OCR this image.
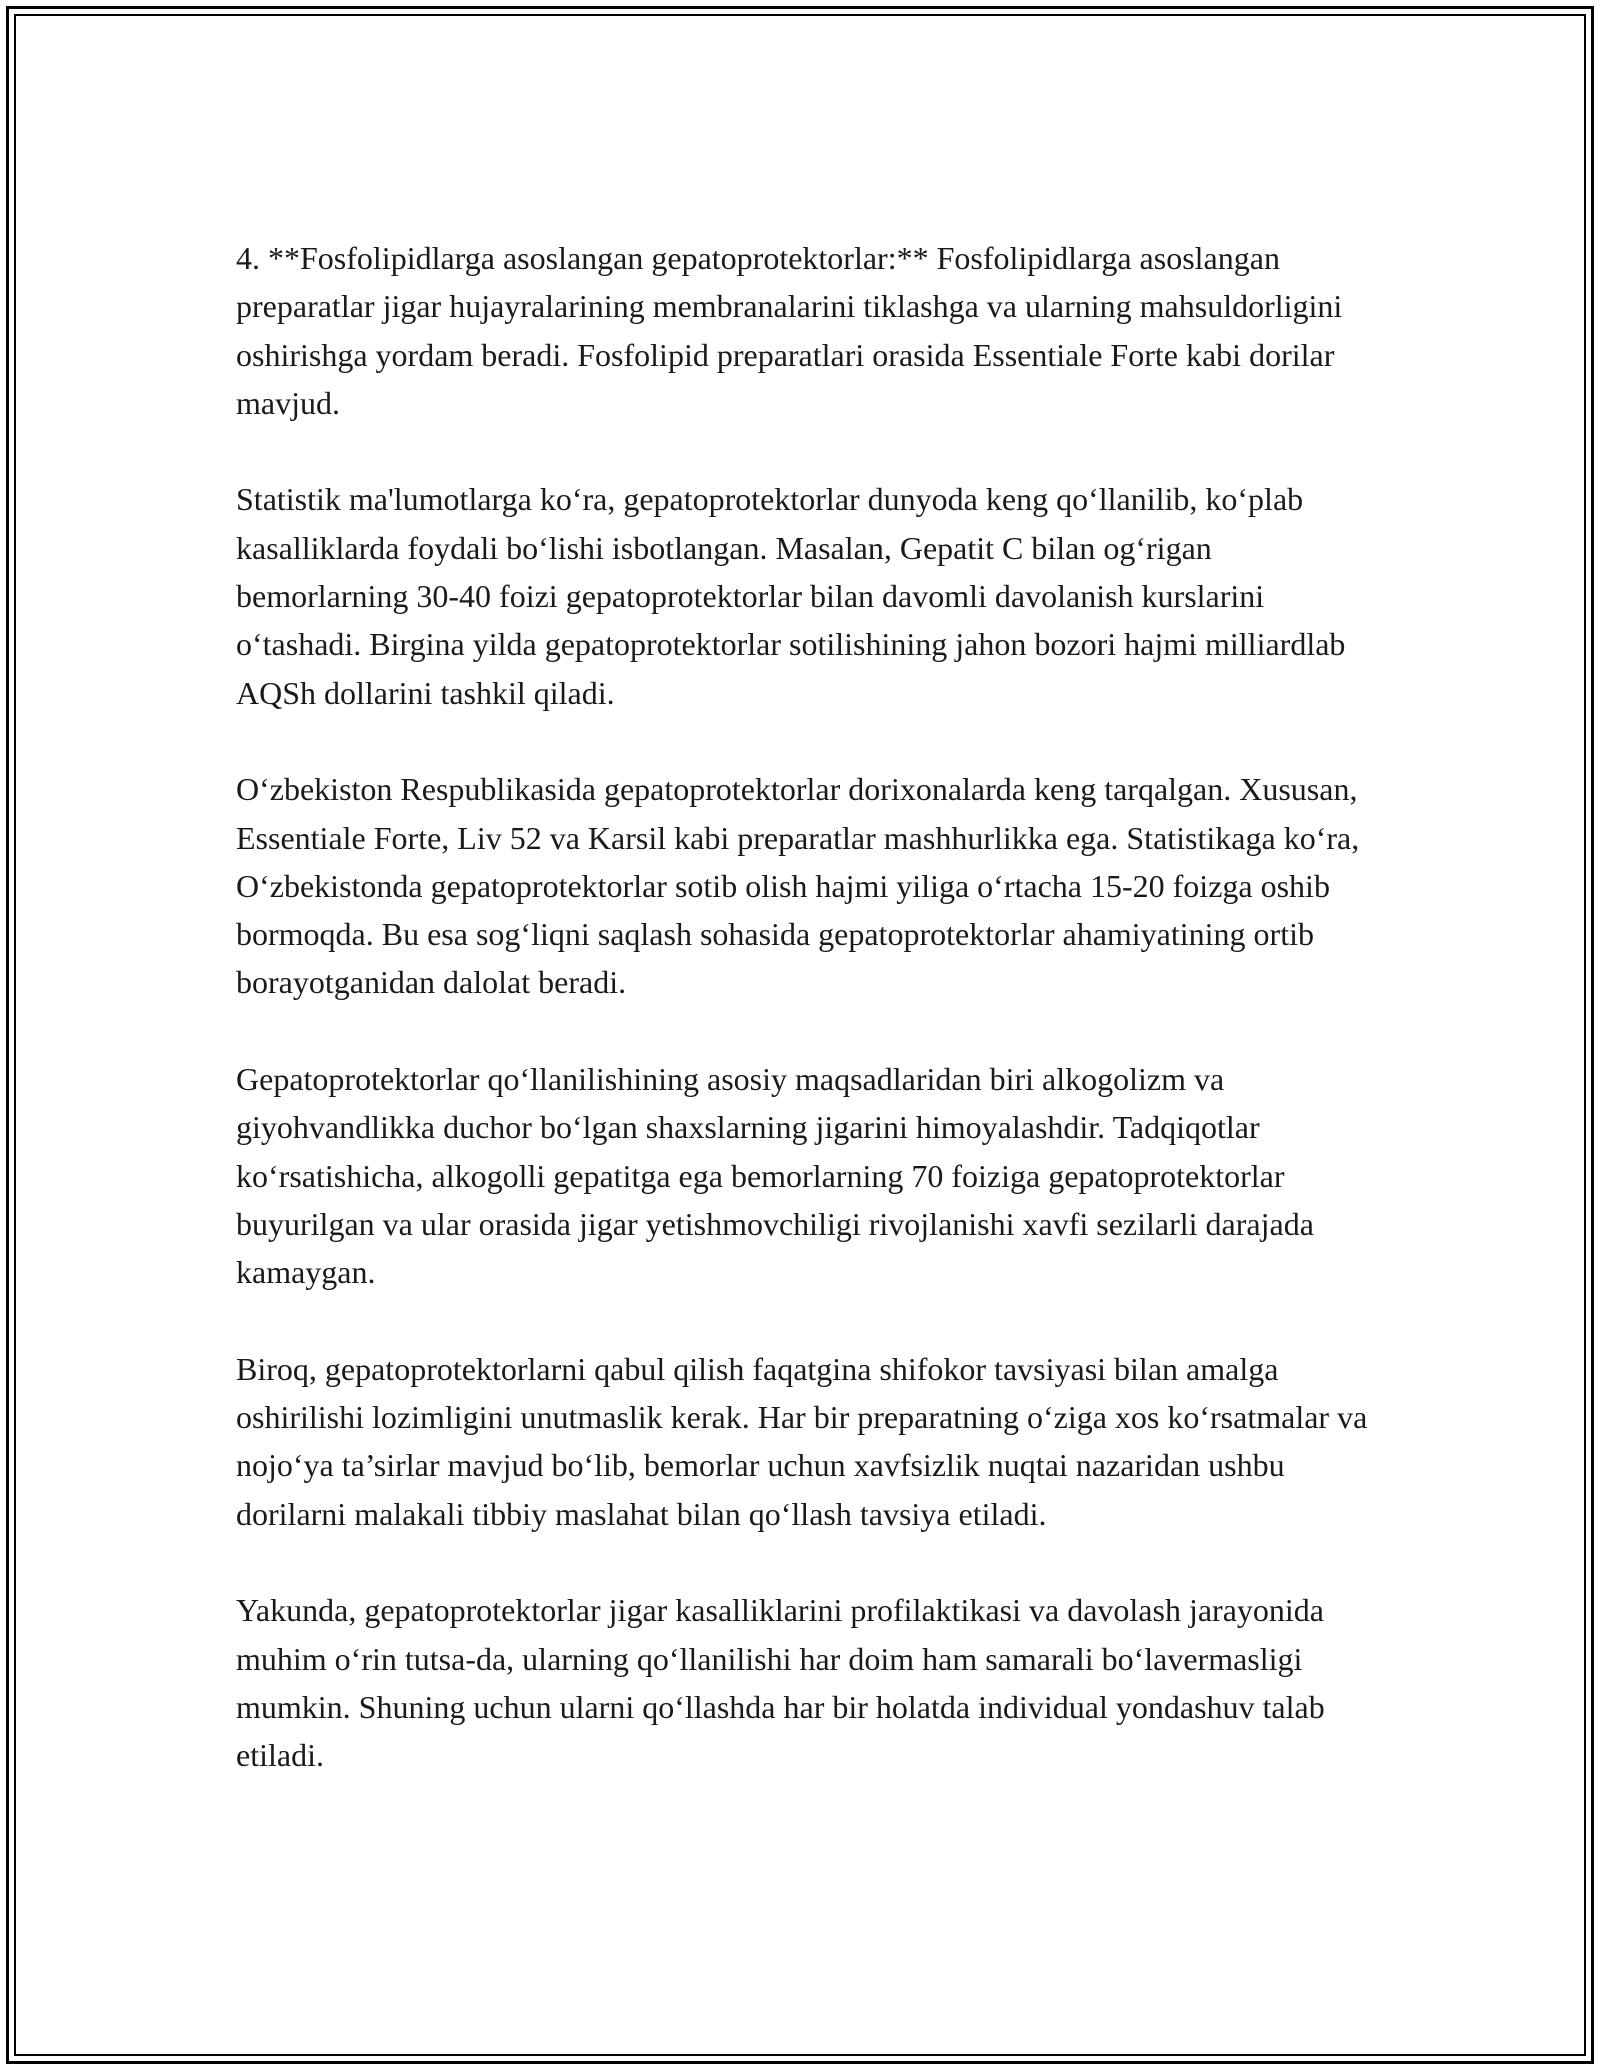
4. **Fosfolipidlarga asoslangan gepatoprotektorlar:** Fosfolipidlarga asoslangan preparatlar jigar hujayralarining membranalarini tiklashga va ularning mahsuldorligini oshirishga yordam beradi. Fosfolipid preparatlari orasida Essentiale Forte kabi dorilar mavjud.

Statistik ma'lumotlarga ko‘ra, gepatoprotektorlar dunyoda keng qo‘llanilib, ko‘plab kasalliklarda foydali bo‘lishi isbotlangan. Masalan, Gepatit C bilan og‘rigan bemorlarning 30-40 foizi gepatoprotektorlar bilan davomli davolanish kurslarini o‘tashadi. Birgina yilda gepatoprotektorlar sotilishining jahon bozori hajmi milliardlab AQSh dollarini tashkil qiladi.

O‘zbekiston Respublikasida gepatoprotektorlar dorixonalarda keng tarqalgan. Xususan, Essentiale Forte, Liv 52 va Karsil kabi preparatlar mashhurlikka ega. Statistikaga ko‘ra, O‘zbekistonda gepatoprotektorlar sotib olish hajmi yiliga o‘rtacha 15-20 foizga oshib bormoqda. Bu esa sog‘liqni saqlash sohasida gepatoprotektorlar ahamiyatining ortib borayotganidan dalolat beradi.

Gepatoprotektorlar qo‘llanilishining asosiy maqsadlaridan biri alkogolizm va giyohvandlikka duchor bo‘lgan shaxslarning jigarini himoyalashdir. Tadqiqotlar ko‘rsatishicha, alkogolli gepatitga ega bemorlarning 70 foiziga gepatoprotektorlar buyurilgan va ular orasida jigar yetishmovchiligi rivojlanishi xavfi sezilarli darajada kamaygan.

Biroq, gepatoprotektorlarni qabul qilish faqatgina shifokor tavsiyasi bilan amalga oshirilishi lozimligini unutmaslik kerak. Har bir preparatning o‘ziga xos ko‘rsatmalar va nojo‘ya ta’sirlar mavjud bo‘lib, bemorlar uchun xavfsizlik nuqtai nazaridan ushbu dorilarni malakali tibbiy maslahat bilan qo‘llash tavsiya etiladi.

Yakunda, gepatoprotektorlar jigar kasalliklarini profilaktikasi va davolash jarayonida muhim o‘rin tutsa-da, ularning qo‘llanilishi har doim ham samarali bo‘lavermasligi mumkin. Shuning uchun ularni qo‘llashda har bir holatda individual yondashuv talab etiladi.
